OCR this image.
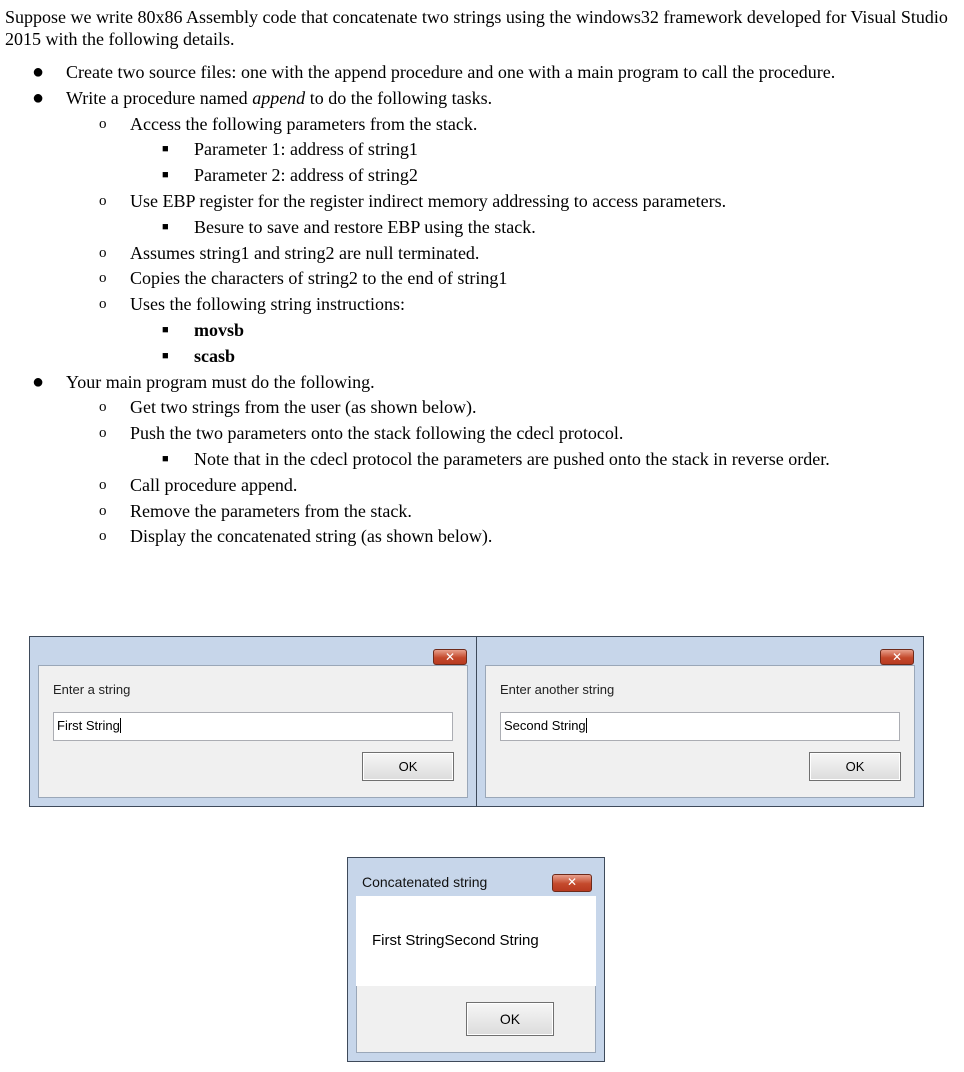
Suppose we write 80x86 Assembly code that concatenate two strings using the windows32 framework developed for Visual Studio 2015 with the following details.

● Create two source files: one with the append procedure and one with a main program to call the procedure.
● Write a procedure named append to do the following tasks.
o Access the following parameters from the stack.
■ Parameter 1: address of string1
■ Parameter 2: address of string2
o Use EBP register for the register indirect memory addressing to access parameters.
■ Besure to save and restore EBP using the stack.
o Assumes string1 and string2 are null terminated.
o Copies the characters of string2 to the end of string1
o Uses the following string instructions:
■ movsb
■ scasb
● Your main program must do the following.
o Get two strings from the user (as shown below).
o Push the two parameters onto the stack following the cdecl protocol.
■ Note that in the cdecl protocol the parameters are pushed onto the stack in reverse order.
o Call procedure append.
o Remove the parameters from the stack.
o Display the concatenated string (as shown below).
✕
Enter a string
First String
OK
✕
Enter another string
Second String
OK
Concatenated string	✕
First StringSecond String
OK
